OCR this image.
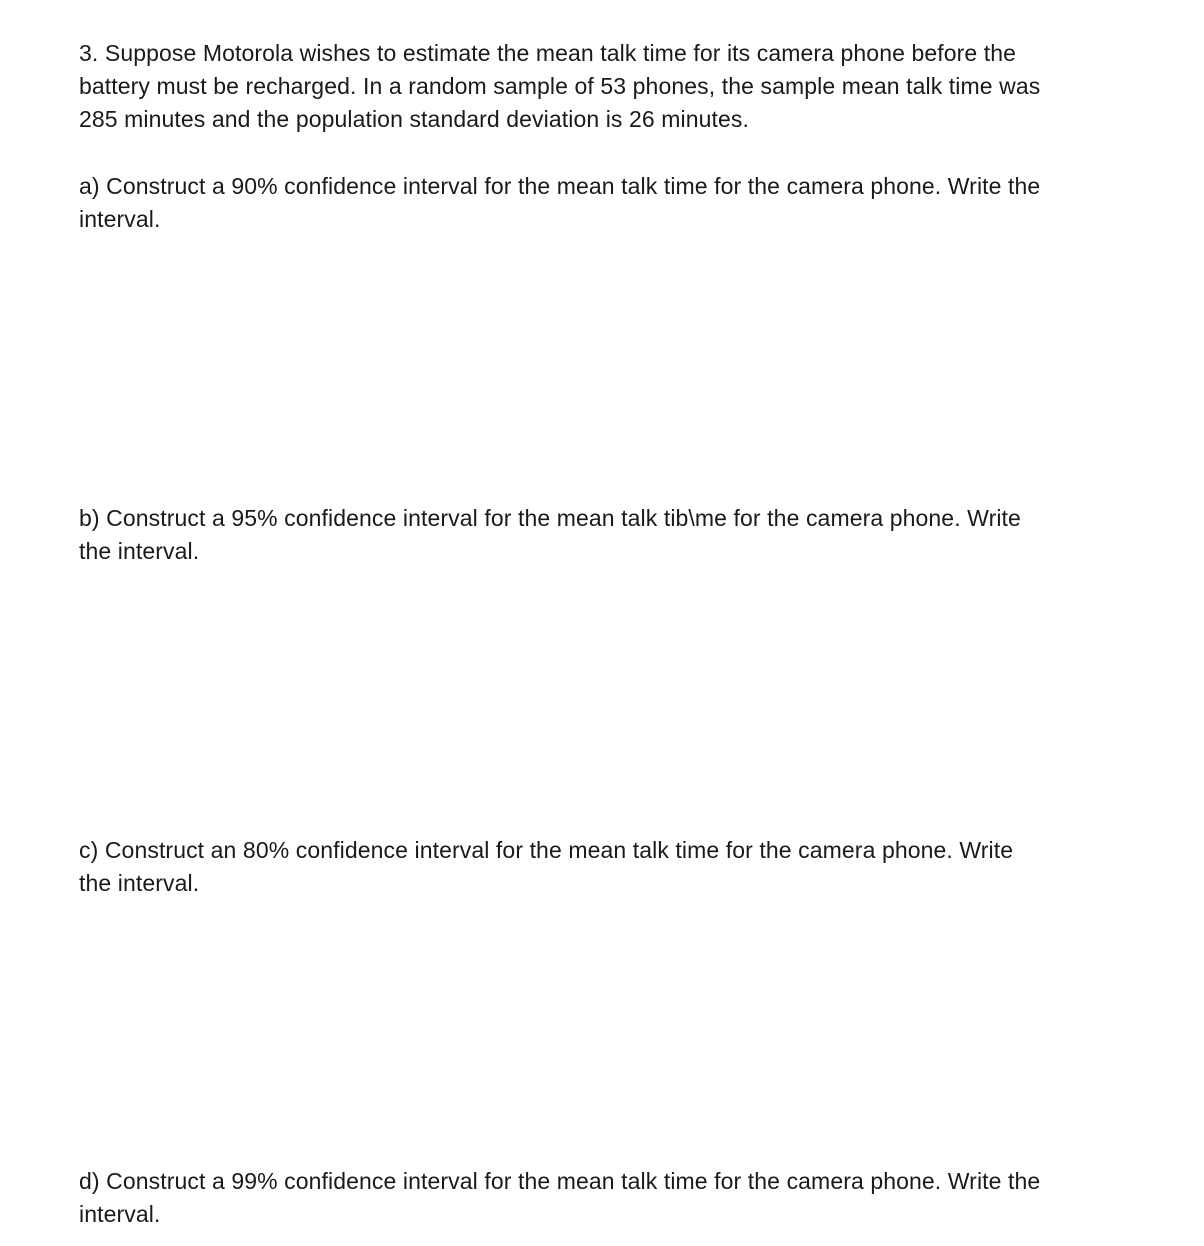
3. Suppose Motorola wishes to estimate the mean talk time for its camera phone before the
battery must be recharged. In a random sample of 53 phones, the sample mean talk time was
285 minutes and the population standard deviation is 26 minutes.

a) Construct a 90% confidence interval for the mean talk time for the camera phone. Write the
interval.

b) Construct a 95% confidence interval for the mean talk tib\me for the camera phone. Write
the interval.

c) Construct an 80% confidence interval for the mean talk time for the camera phone. Write
the interval.

d) Construct a 99% confidence interval for the mean talk time for the camera phone. Write the
interval.
